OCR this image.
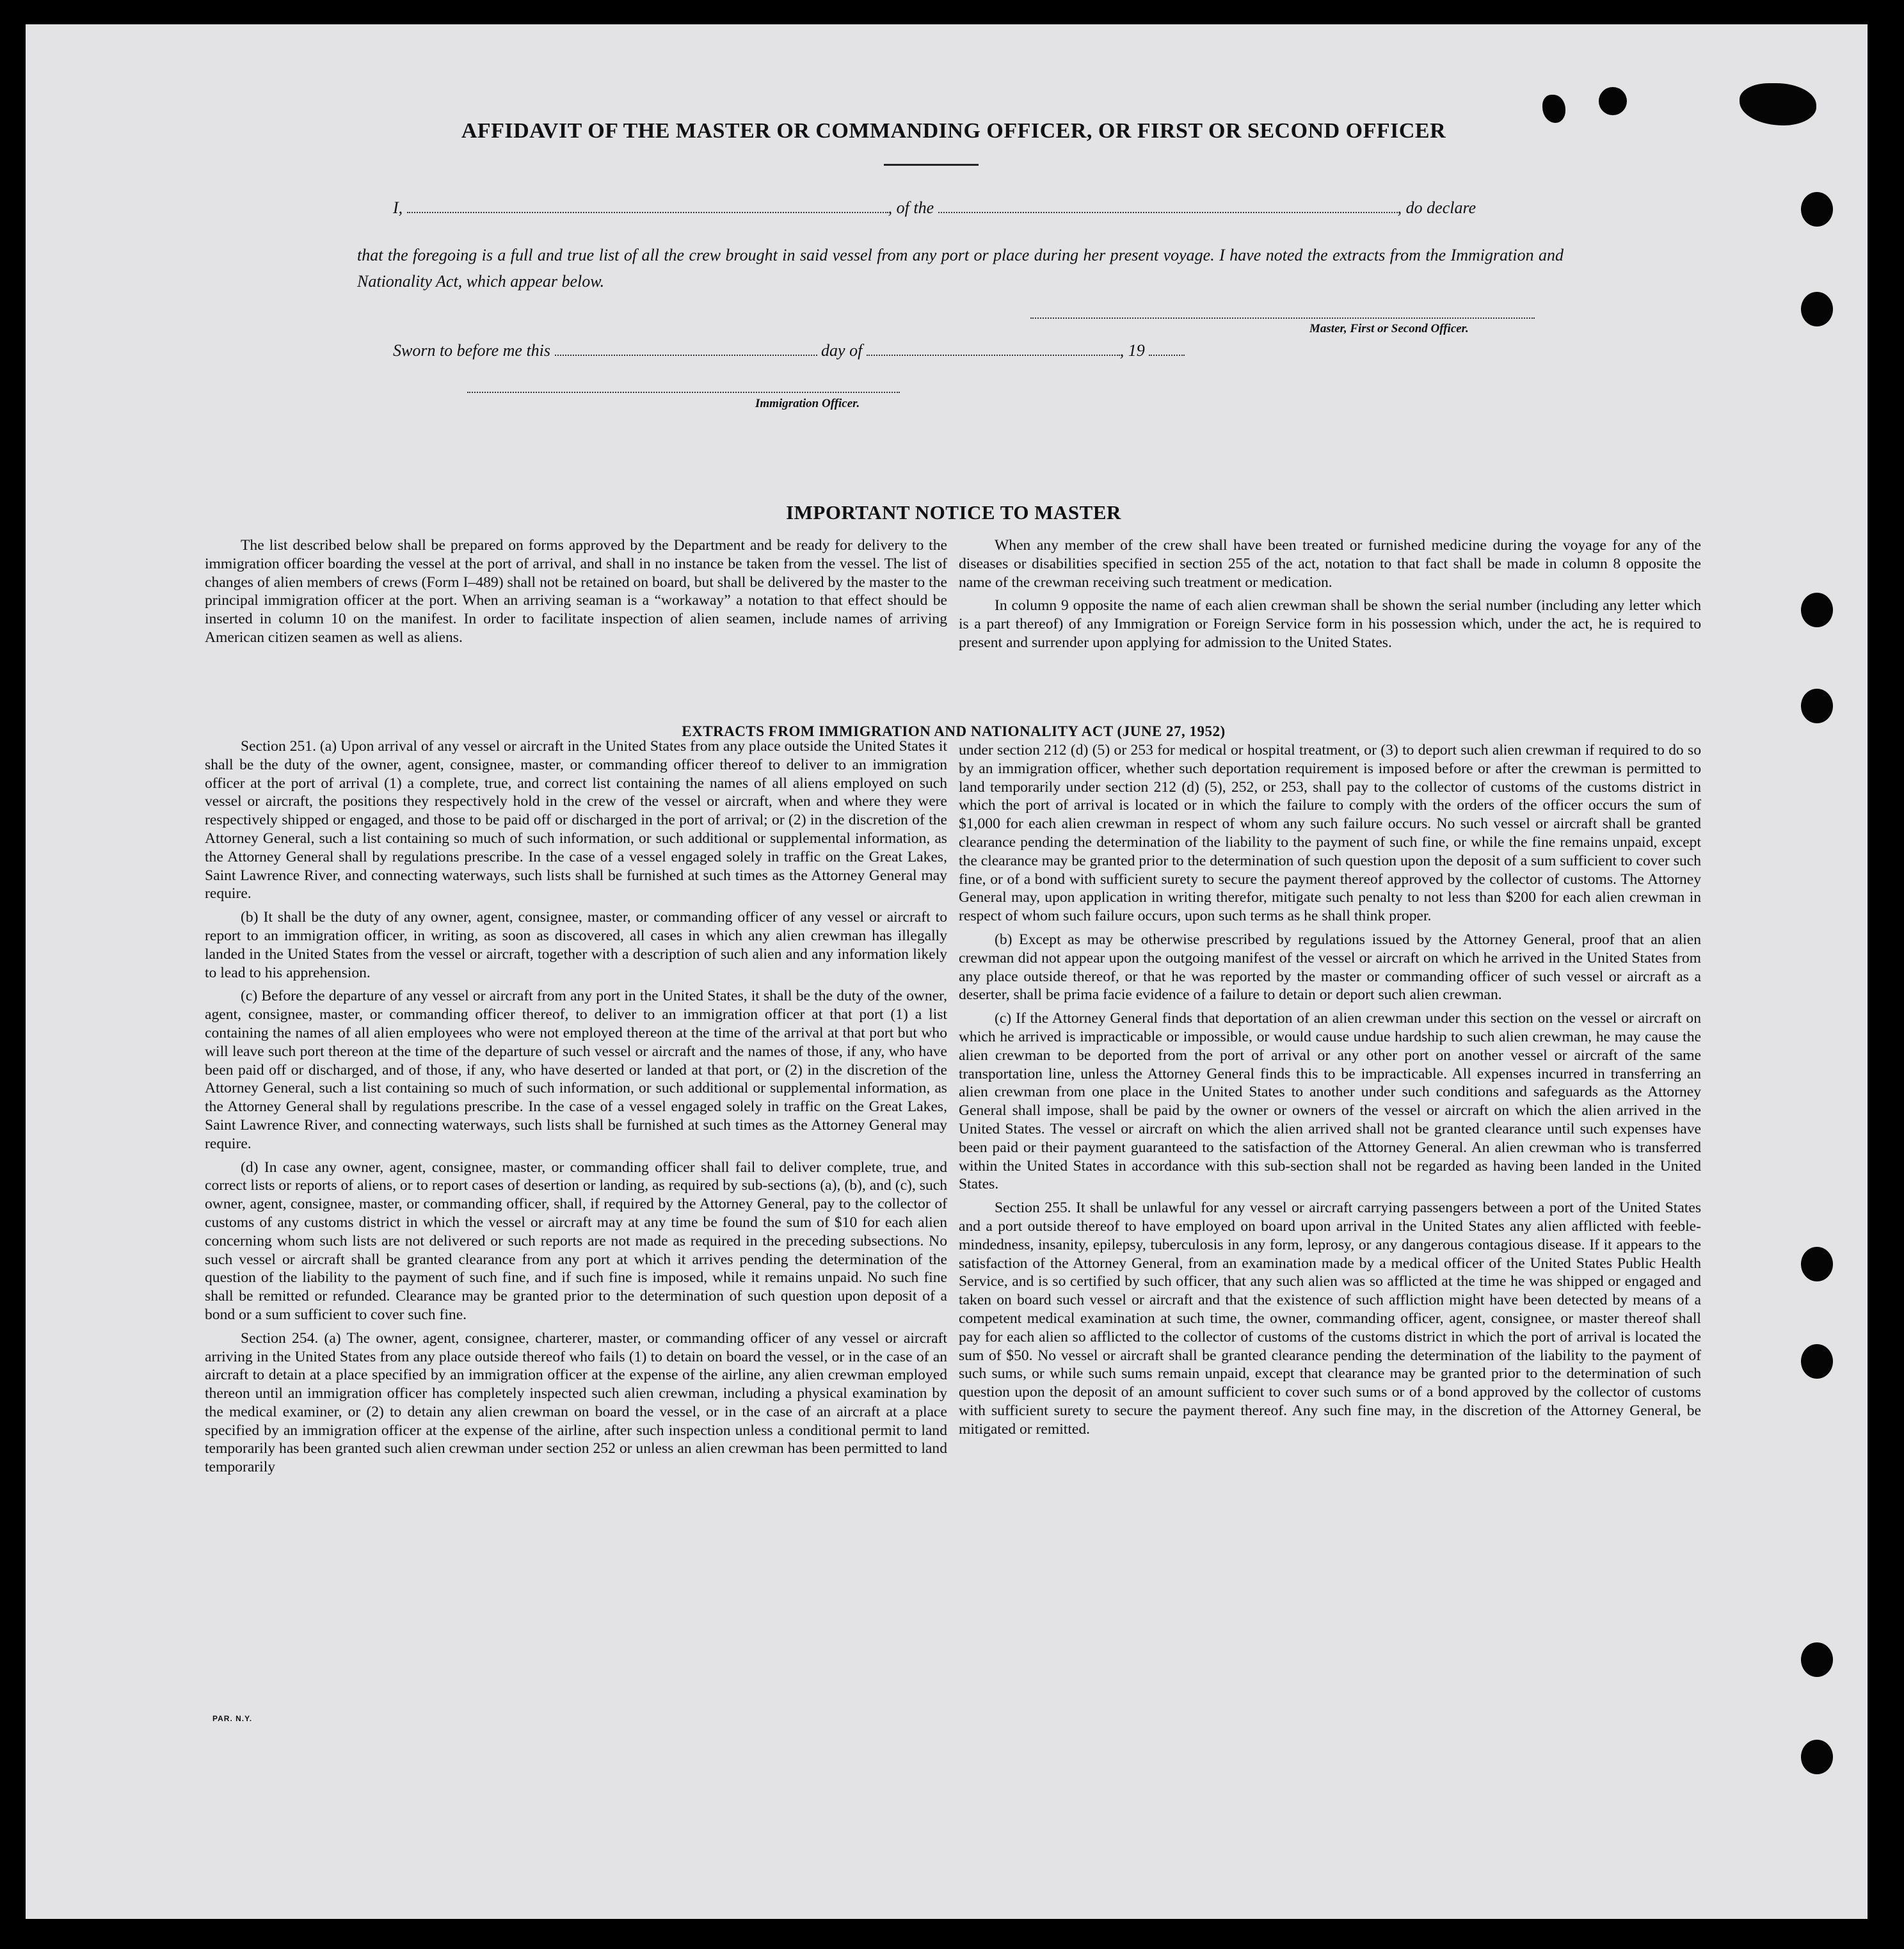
AFFIDAVIT OF THE MASTER OR COMMANDING OFFICER, OR FIRST OR SECOND OFFICER
I,	, of the	, do declare
that the foregoing is a full and true list of all the crew brought in said vessel from any port or place during her present voyage. I have noted the extracts from the Immigration and Nationality Act, which appear below.
Master, First or Second Officer.
Sworn to before me this	day of	, 19
Immigration Officer.
IMPORTANT NOTICE TO MASTER

The list described below shall be prepared on forms approved by the Department and be ready for delivery to the immigration officer boarding the vessel at the port of arrival, and shall in no instance be taken from the vessel. The list of changes of alien members of crews (Form I–489) shall not be retained on board, but shall be delivered by the master to the principal immigration officer at the port. When an arriving seaman is a “workaway” a notation to that effect should be inserted in column 10 on the manifest. In order to facilitate inspection of alien seamen, include names of arriving American citizen seamen as well as aliens.

When any member of the crew shall have been treated or furnished medicine during the voyage for any of the diseases or disabilities specified in section 255 of the act, notation to that fact shall be made in column 8 opposite the name of the crewman receiving such treatment or medication.

In column 9 opposite the name of each alien crewman shall be shown the serial number (including any letter which is a part thereof) of any Immigration or Foreign Service form in his possession which, under the act, he is required to present and surrender upon applying for admission to the United States.

EXTRACTS FROM IMMIGRATION AND NATIONALITY ACT (JUNE 27, 1952)

Section 251. (a) Upon arrival of any vessel or aircraft in the United States from any place outside the United States it shall be the duty of the owner, agent, consignee, master, or commanding officer thereof to deliver to an immigration officer at the port of arrival (1) a complete, true, and correct list containing the names of all aliens employed on such vessel or aircraft, the positions they respectively hold in the crew of the vessel or aircraft, when and where they were respectively shipped or engaged, and those to be paid off or discharged in the port of arrival; or (2) in the discretion of the Attorney General, such a list containing so much of such information, or such additional or supplemental information, as the Attorney General shall by regulations prescribe. In the case of a vessel engaged solely in traffic on the Great Lakes, Saint Lawrence River, and connecting waterways, such lists shall be furnished at such times as the Attorney General may require.

(b) It shall be the duty of any owner, agent, consignee, master, or commanding officer of any vessel or aircraft to report to an immigration officer, in writing, as soon as discovered, all cases in which any alien crewman has illegally landed in the United States from the vessel or aircraft, together with a description of such alien and any information likely to lead to his apprehension.

(c) Before the departure of any vessel or aircraft from any port in the United States, it shall be the duty of the owner, agent, consignee, master, or commanding officer thereof, to deliver to an immigration officer at that port (1) a list containing the names of all alien employees who were not employed thereon at the time of the arrival at that port but who will leave such port thereon at the time of the departure of such vessel or aircraft and the names of those, if any, who have been paid off or discharged, and of those, if any, who have deserted or landed at that port, or (2) in the discretion of the Attorney General, such a list containing so much of such information, or such additional or supplemental information, as the Attorney General shall by regulations prescribe. In the case of a vessel engaged solely in traffic on the Great Lakes, Saint Lawrence River, and connecting waterways, such lists shall be furnished at such times as the Attorney General may require.

(d) In case any owner, agent, consignee, master, or commanding officer shall fail to deliver complete, true, and correct lists or reports of aliens, or to report cases of desertion or landing, as required by sub-sections (a), (b), and (c), such owner, agent, consignee, master, or commanding officer, shall, if required by the Attorney General, pay to the collector of customs of any customs district in which the vessel or aircraft may at any time be found the sum of $10 for each alien concerning whom such lists are not delivered or such reports are not made as required in the preceding subsections. No such vessel or aircraft shall be granted clearance from any port at which it arrives pending the determination of the question of the liability to the payment of such fine, and if such fine is imposed, while it remains unpaid. No such fine shall be remitted or refunded. Clearance may be granted prior to the determination of such question upon deposit of a bond or a sum sufficient to cover such fine.

Section 254. (a) The owner, agent, consignee, charterer, master, or commanding officer of any vessel or aircraft arriving in the United States from any place outside thereof who fails (1) to detain on board the vessel, or in the case of an aircraft to detain at a place specified by an immigration officer at the expense of the airline, any alien crewman employed thereon until an immigration officer has completely inspected such alien crewman, including a physical examination by the medical examiner, or (2) to detain any alien crewman on board the vessel, or in the case of an aircraft at a place specified by an immigration officer at the expense of the airline, after such inspection unless a conditional permit to land temporarily has been granted such alien crewman under section 252 or unless an alien crewman has been permitted to land temporarily

under section 212 (d) (5) or 253 for medical or hospital treatment, or (3) to deport such alien crewman if required to do so by an immigration officer, whether such deportation requirement is imposed before or after the crewman is permitted to land temporarily under section 212 (d) (5), 252, or 253, shall pay to the collector of customs of the customs district in which the port of arrival is located or in which the failure to comply with the orders of the officer occurs the sum of $1,000 for each alien crewman in respect of whom any such failure occurs. No such vessel or aircraft shall be granted clearance pending the determination of the liability to the payment of such fine, or while the fine remains unpaid, except the clearance may be granted prior to the determination of such question upon the deposit of a sum sufficient to cover such fine, or of a bond with sufficient surety to secure the payment thereof approved by the collector of customs. The Attorney General may, upon application in writing therefor, mitigate such penalty to not less than $200 for each alien crewman in respect of whom such failure occurs, upon such terms as he shall think proper.

(b) Except as may be otherwise prescribed by regulations issued by the Attorney General, proof that an alien crewman did not appear upon the outgoing manifest of the vessel or aircraft on which he arrived in the United States from any place outside thereof, or that he was reported by the master or commanding officer of such vessel or aircraft as a deserter, shall be prima facie evidence of a failure to detain or deport such alien crewman.

(c) If the Attorney General finds that deportation of an alien crewman under this section on the vessel or aircraft on which he arrived is impracticable or impossible, or would cause undue hardship to such alien crewman, he may cause the alien crewman to be deported from the port of arrival or any other port on another vessel or aircraft of the same transportation line, unless the Attorney General finds this to be impracticable. All expenses incurred in transferring an alien crewman from one place in the United States to another under such conditions and safeguards as the Attorney General shall impose, shall be paid by the owner or owners of the vessel or aircraft on which the alien arrived in the United States. The vessel or aircraft on which the alien arrived shall not be granted clearance until such expenses have been paid or their payment guaranteed to the satisfaction of the Attorney General. An alien crewman who is transferred within the United States in accordance with this sub-section shall not be regarded as having been landed in the United States.

Section 255. It shall be unlawful for any vessel or aircraft carrying passengers between a port of the United States and a port outside thereof to have employed on board upon arrival in the United States any alien afflicted with feeble-mindedness, insanity, epilepsy, tuberculosis in any form, leprosy, or any dangerous contagious disease. If it appears to the satisfaction of the Attorney General, from an examination made by a medical officer of the United States Public Health Service, and is so certified by such officer, that any such alien was so afflicted at the time he was shipped or engaged and taken on board such vessel or aircraft and that the existence of such affliction might have been detected by means of a competent medical examination at such time, the owner, commanding officer, agent, consignee, or master thereof shall pay for each alien so afflicted to the collector of customs of the customs district in which the port of arrival is located the sum of $50. No vessel or aircraft shall be granted clearance pending the determination of the liability to the payment of such sums, or while such sums remain unpaid, except that clearance may be granted prior to the determination of such question upon the deposit of an amount sufficient to cover such sums or of a bond approved by the collector of customs with sufficient surety to secure the payment thereof. Any such fine may, in the discretion of the Attorney General, be mitigated or remitted.

PAR. N.Y.
